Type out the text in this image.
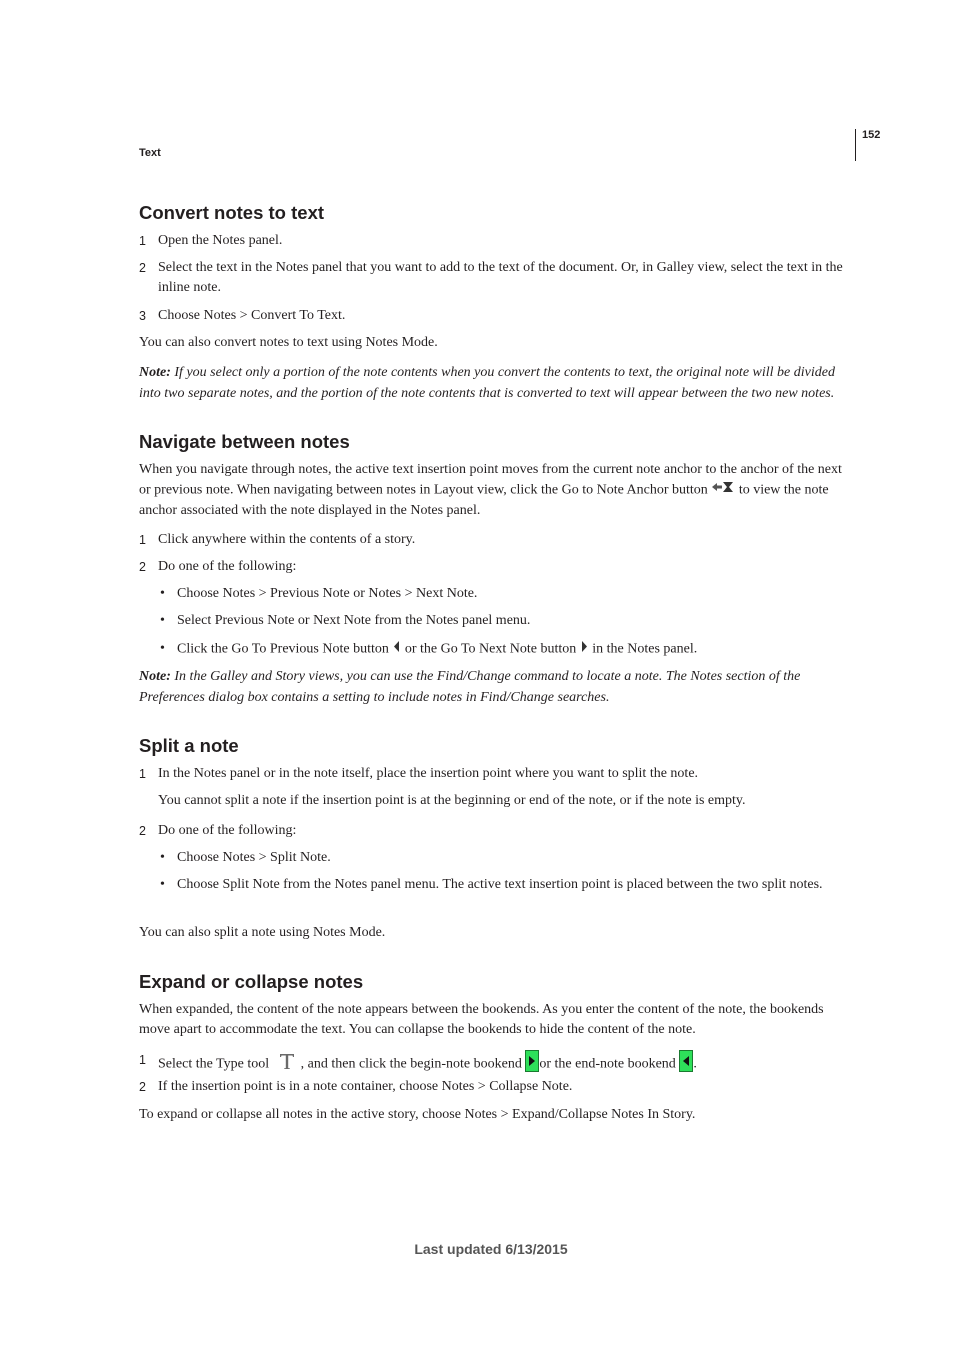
Text
152
Convert notes to text
1 Open the Notes panel.
2 Select the text in the Notes panel that you want to add to the text of the document. Or, in Galley view, select the text in the inline note.
3 Choose Notes > Convert To Text.

You can also convert notes to text using Notes Mode.

Note: If you select only a portion of the note contents when you convert the contents to text, the original note will be divided into two separate notes, and the portion of the note contents that is converted to text will appear between the two new notes.

Navigate between notes

When you navigate through notes, the active text insertion point moves from the current note anchor to the anchor of the next or previous note. When navigating between notes in Layout view, click the Go to Note Anchor button to view the note anchor associated with the note displayed in the Notes panel.

1 Click anywhere within the contents of a story.
2 Do one of the following:
• Choose Notes > Previous Note or Notes > Next Note.
• Select Previous Note or Next Note from the Notes panel menu.
• Click the Go To Previous Note button or the Go To Next Note button in the Notes panel.

Note: In the Galley and Story views, you can use the Find/Change command to locate a note. The Notes section of the Preferences dialog box contains a setting to include notes in Find/Change searches.

Split a note
1 In the Notes panel or in the note itself, place the insertion point where you want to split the note.
You cannot split a note if the insertion point is at the beginning or end of the note, or if the note is empty.
2 Do one of the following:
• Choose Notes > Split Note.
• Choose Split Note from the Notes panel menu. The active text insertion point is placed between the two split notes.

You can also split a note using Notes Mode.

Expand or collapse notes

When expanded, the content of the note appears between the bookends. As you enter the content of the note, the bookends move apart to accommodate the text. You can collapse the bookends to hide the content of the note.

1 Select the Type tool , and then click the begin-note bookend or the end-note bookend .
2 If the insertion point is in a note container, choose Notes > Collapse Note.

To expand or collapse all notes in the active story, choose Notes > Expand/Collapse Notes In Story.

Last updated 6/13/2015
